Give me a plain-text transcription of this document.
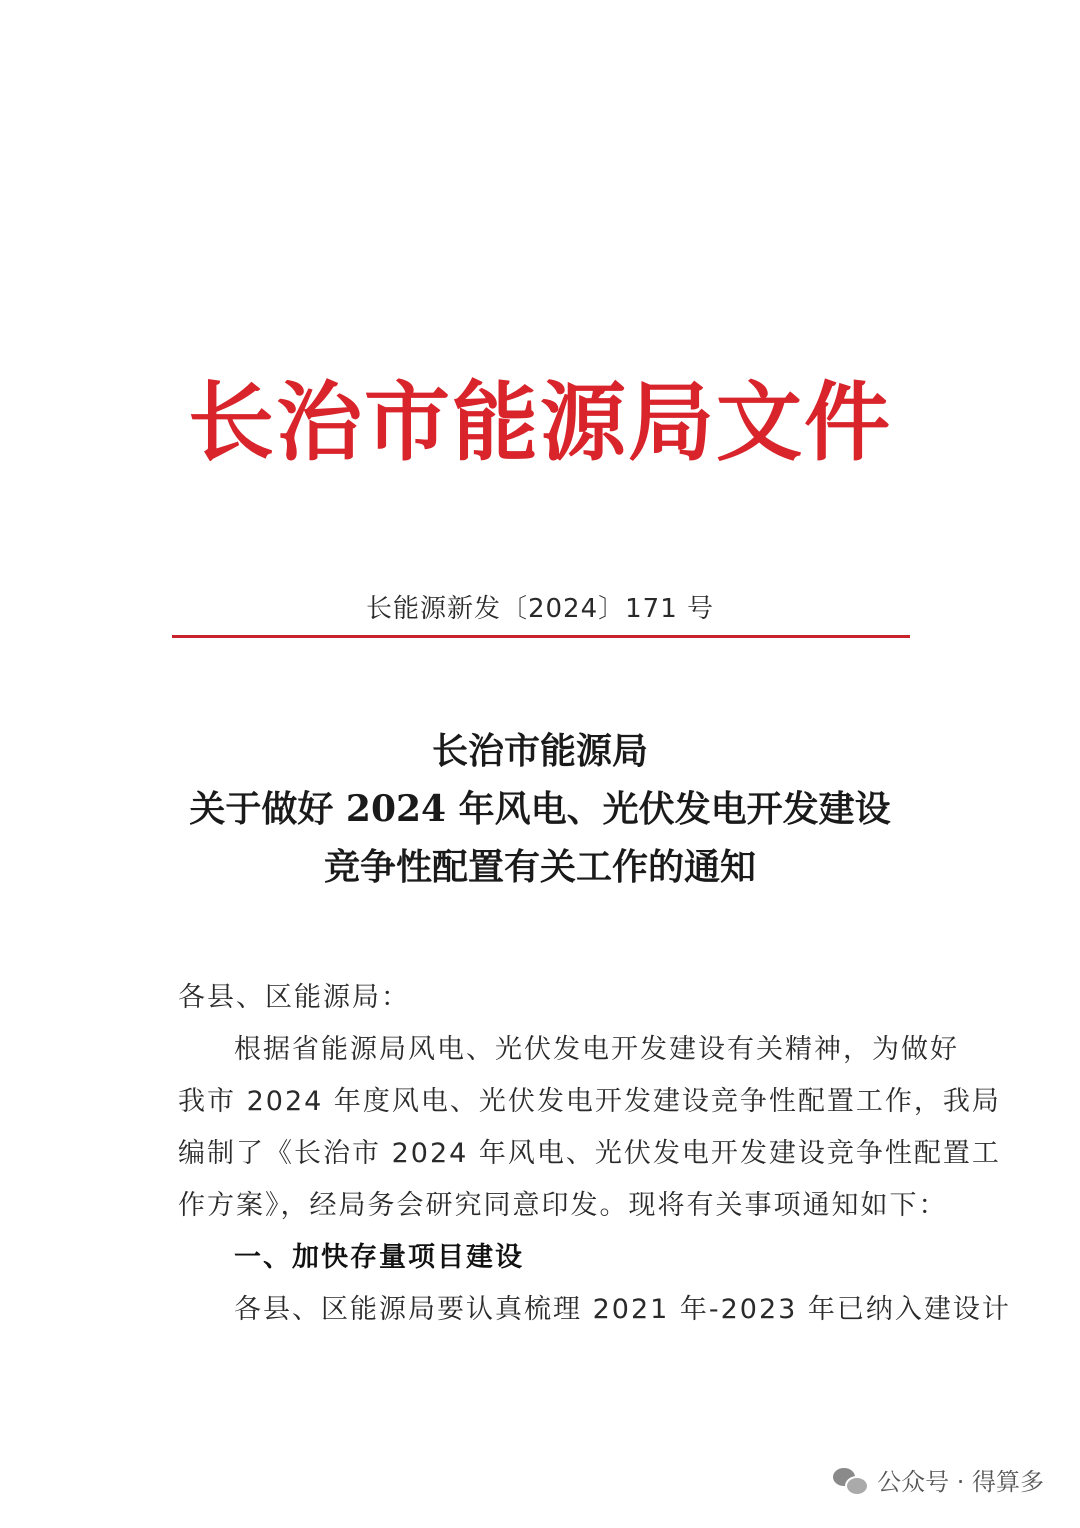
长治市能源局文件
长能源新发〔2024〕171 号
长治市能源局
关于做好 2024 年风电、光伏发电开发建设
竞争性配置有关工作的通知
各县、区能源局：
根据省能源局风电、光伏发电开发建设有关精神，为做好
我市 2024 年度风电、光伏发电开发建设竞争性配置工作，我局
编制了《长治市 2024 年风电、光伏发电开发建设竞争性配置工
作方案》，经局务会研究同意印发。现将有关事项通知如下：
一、加快存量项目建设
各县、区能源局要认真梳理 2021 年-2023 年已纳入建设计
公众号 · 得算多
